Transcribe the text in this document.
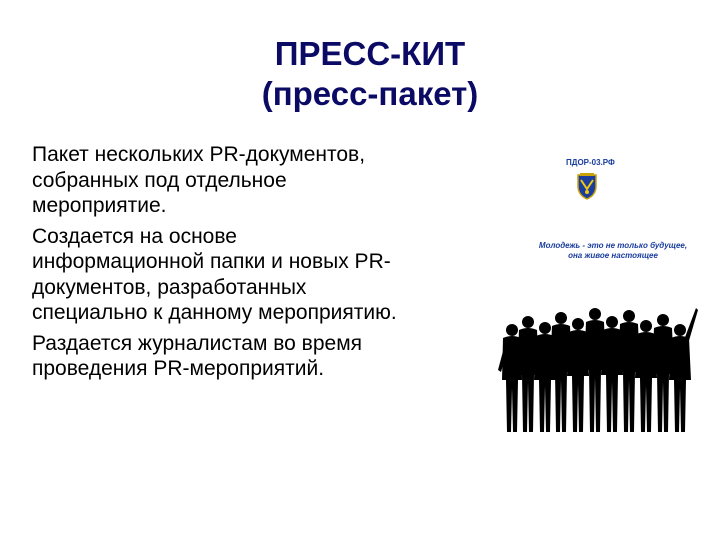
ПРЕСС-КИТ
(пресс-пакет)
Пакет нескольких PR-документов,
собранных под отдельное
мероприятие.
Создается на основе
информационной папки и новых PR-
документов, разработанных
специально к данному мероприятию.
Раздается журналистам во время
проведения PR-мероприятий.
ПДОР-03.РФ
Молодежь - это не только будущее,
она живое настоящее
